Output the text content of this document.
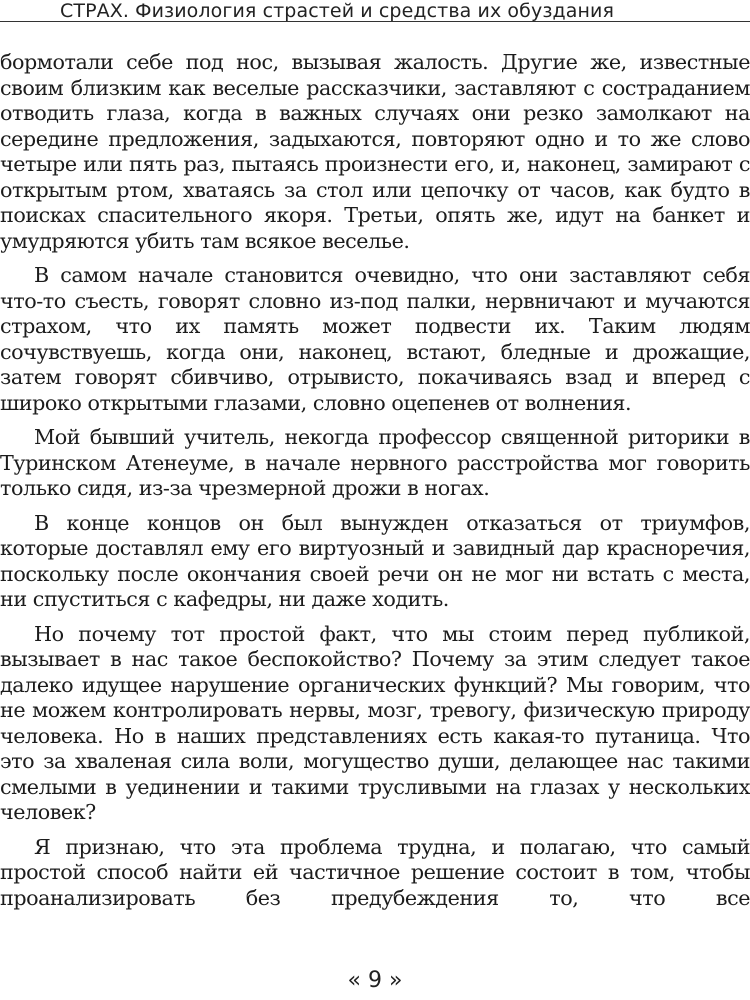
СТРАХ. Физиология страстей и средства их обуздания

бормотали себе под нос, вызывая жалость. Другие же, известные своим близким как веселые рассказчики, заставляют с состраданием отводить глаза, когда в важных случаях они резко замолкают на середине предложения, задыхаются, повторяют одно и то же слово четыре или пять раз, пытаясь произнести его, и, наконец, замирают с открытым ртом, хватаясь за стол или цепочку от часов, как будто в поисках спасительного якоря. Третьи, опять же, идут на банкет и умудряются убить там всякое веселье.

В самом начале становится очевидно, что они заставляют себя что-то съесть, говорят словно из-под палки, нервничают и мучаются страхом, что их память может подвести их. Таким людям сочувствуешь, когда они, наконец, встают, бледные и дрожащие, затем говорят сбивчиво, отрывисто, покачиваясь взад и вперед с широко открытыми глазами, словно оцепенев от волнения.

Мой бывший учитель, некогда профессор священной риторики в Туринском Атенеуме, в начале нервного расстройства мог говорить только сидя, из-за чрезмерной дрожи в ногах.

В конце концов он был вынужден отказаться от триумфов, которые доставлял ему его виртуозный и завидный дар красноречия, поскольку после окончания своей речи он не мог ни встать с места, ни спуститься с кафедры, ни даже ходить.

Но почему тот простой факт, что мы стоим перед публикой, вызывает в нас такое беспокойство? Почему за этим следует такое далеко идущее нарушение органических функций? Мы говорим, что не можем контролировать нервы, мозг, тревогу, физическую природу человека. Но в наших представлениях есть какая-то путаница. Что это за хваленая сила воли, могущество души, делающее нас такими смелыми в уединении и такими трусливыми на глазах у нескольких человек?

Я признаю, что эта проблема трудна, и полагаю, что самый простой способ найти ей частичное решение состоит в том, чтобы проанализировать без предубеждения то, что все

« 9 »
